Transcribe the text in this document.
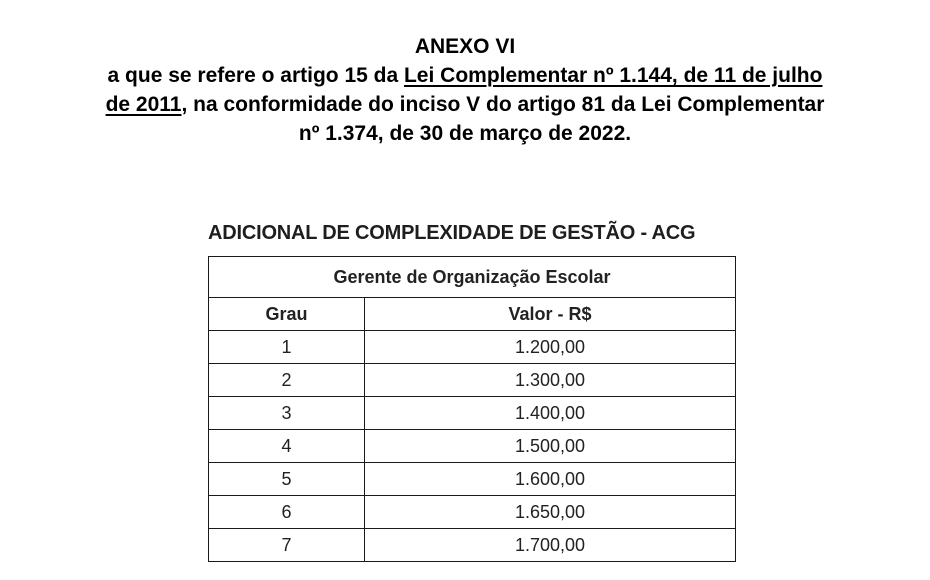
ANEXO VI
a que se refere o artigo 15 da Lei Complementar nº 1.144, de 11 de julho
de 2011, na conformidade do inciso V do artigo 81 da Lei Complementar
nº 1.374, de 30 de março de 2022.
ADICIONAL DE COMPLEXIDADE DE GESTÃO - ACG
Gerente de Organização Escolar	
Grau	Valor - R$
1	1.200,00
2	1.300,00
3	1.400,00
4	1.500,00
5	1.600,00
6	1.650,00
7	1.700,00
